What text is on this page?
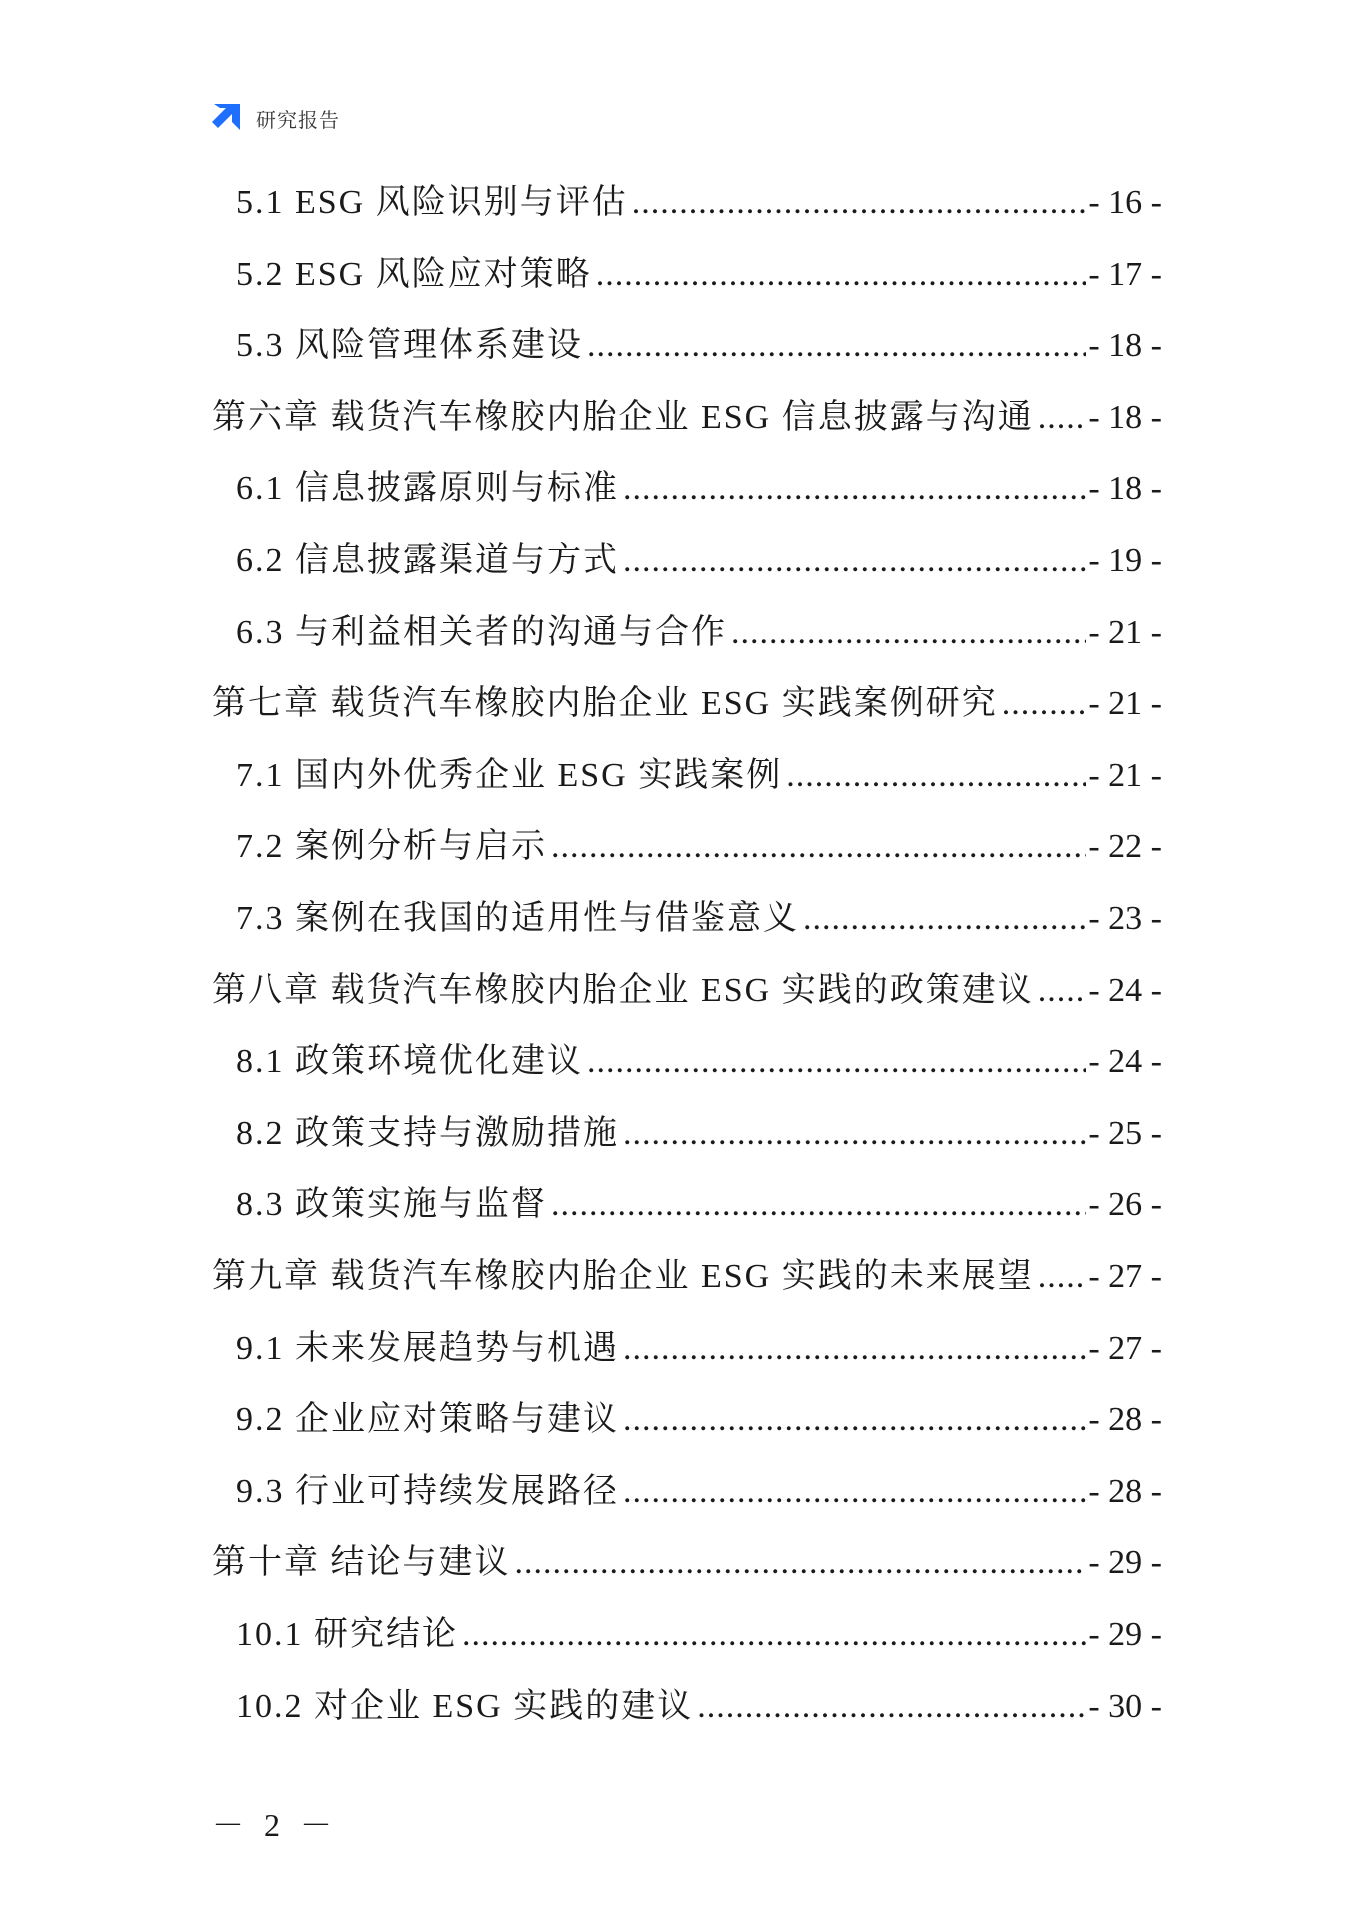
研究报告
5.1 ESG 风险识别与评估 .....	- 16 -
5.2 ESG 风险应对策略 .....	- 17 -
5.3 风险管理体系建设 .....	- 18 -
第六章 载货汽车橡胶内胎企业 ESG 信息披露与沟通 ..... - 18 -
6.1 信息披露原则与标准 .....	- 18 -
6.2 信息披露渠道与方式 .....	- 19 -
6.3 与利益相关者的沟通与合作 .....	- 21 -
第七章 载货汽车橡胶内胎企业 ESG 实践案例研究 .....	- 21 -
7.1 国内外优秀企业 ESG 实践案例 .....	- 21 -
7.2 案例分析与启示 .....	- 22 -
7.3 案例在我国的适用性与借鉴意义 .....	- 23 -
第八章 载货汽车橡胶内胎企业 ESG 实践的政策建议 ..... - 24 -
8.1 政策环境优化建议 .....	- 24 -
8.2 政策支持与激励措施 .....	- 25 -
8.3 政策实施与监督 .....	- 26 -
第九章 载货汽车橡胶内胎企业 ESG 实践的未来展望 ..... - 27 -
9.1 未来发展趋势与机遇 .....	- 27 -
9.2 企业应对策略与建议 .....	- 28 -
9.3 行业可持续发展路径 .....	- 28 -
第十章 结论与建议 .....	- 29 -
10.1 研究结论 .....	- 29 -
10.2 对企业 ESG 实践的建议 .....	- 30 -
－ 2 －
